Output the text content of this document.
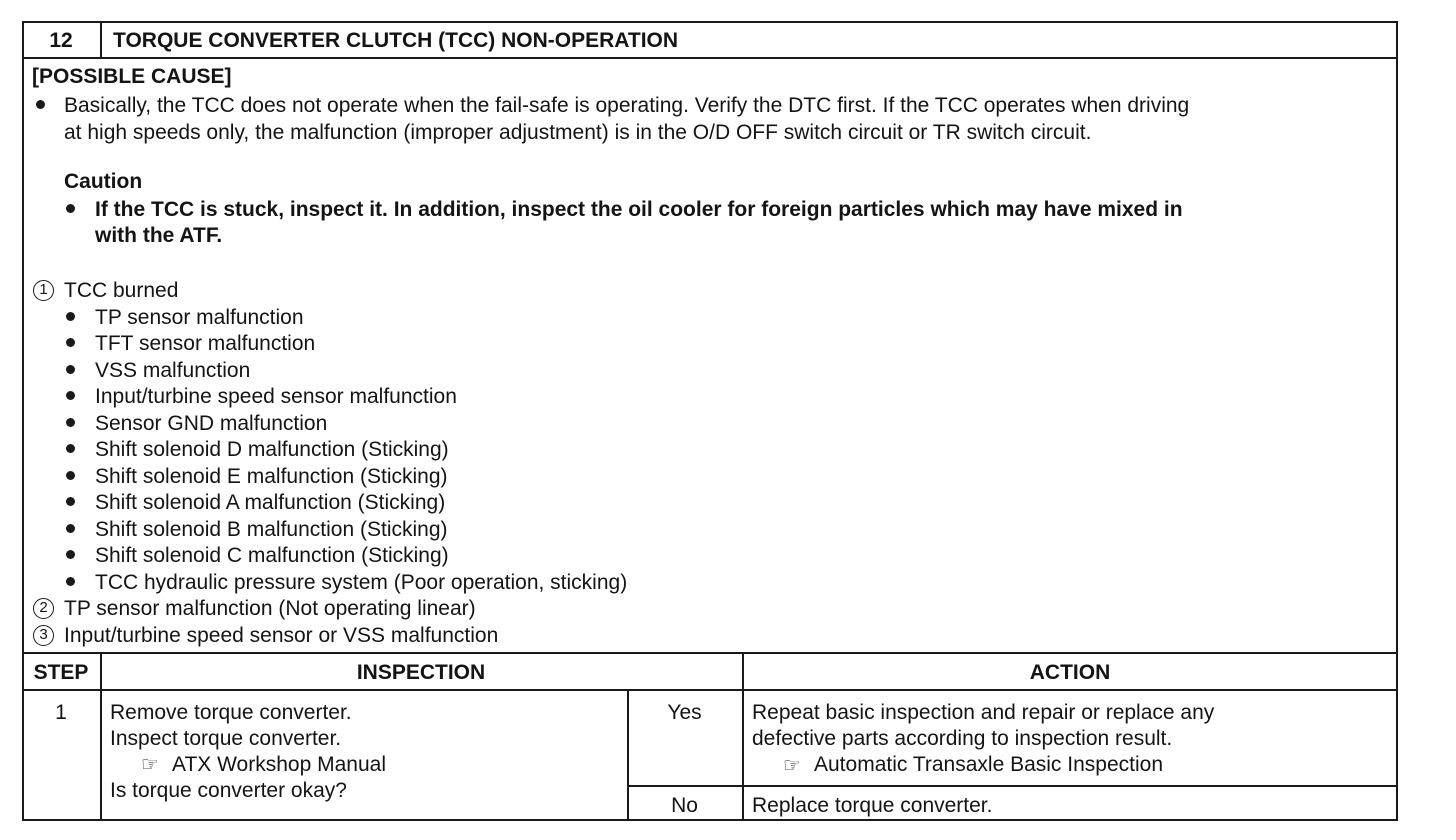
12	TORQUE CONVERTER CLUTCH (TCC) NON-OPERATION
[POSSIBLE CAUSE]
Basically, the TCC does not operate when the fail-safe is operating. Verify the DTC first. If the TCC operates when driving
at high speeds only, the malfunction (improper adjustment) is in the O/D OFF switch circuit or TR switch circuit.
Caution
If the TCC is stuck, inspect it. In addition, inspect the oil cooler for foreign particles which may have mixed in
with the ATF.
1 TCC burned
TP sensor malfunction
TFT sensor malfunction
VSS malfunction
Input/turbine speed sensor malfunction
Sensor GND malfunction
Shift solenoid D malfunction (Sticking)
Shift solenoid E malfunction (Sticking)
Shift solenoid A malfunction (Sticking)
Shift solenoid B malfunction (Sticking)
Shift solenoid C malfunction (Sticking)
TCC hydraulic pressure system (Poor operation, sticking)
2 TP sensor malfunction (Not operating linear)
3 Input/turbine speed sensor or VSS malfunction
STEP	INSPECTION	ACTION
1	Remove torque converter.
Inspect torque converter.
☞ ATX Workshop Manual
Is torque converter okay?
Yes	Repeat basic inspection and repair or replace any
defective parts according to inspection result.
☞ Automatic Transaxle Basic Inspection
No	Replace torque converter.
